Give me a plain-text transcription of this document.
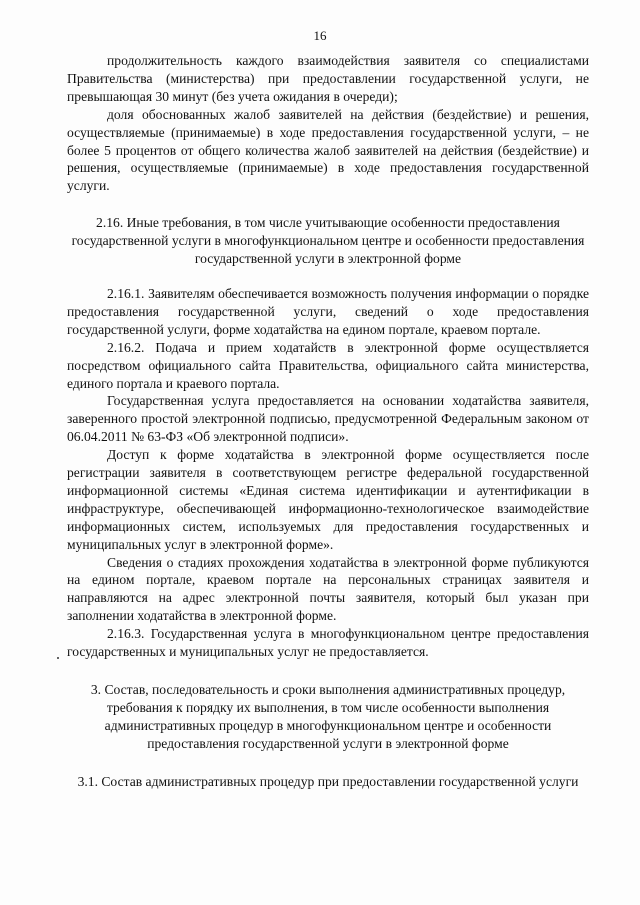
16

продолжительность каждого взаимодействия заявителя со специалистами Правительства (министерства) при предоставлении государственной услуги, не превышающая 30 минут (без учета ожидания в очереди);

доля обоснованных жалоб заявителей на действия (бездействие) и решения, осуществляемые (принимаемые) в ходе предоставления государственной услуги, – не более 5 процентов от общего количества жалоб заявителей на действия (бездействие) и решения, осуществляемые (принимаемые) в ходе предоставления государственной услуги.

2.16. Иные требования, в том числе учитывающие особенности предоставления государственной услуги в многофункциональном центре и особенности предоставления государственной услуги в электронной форме

2.16.1. Заявителям обеспечивается возможность получения информации о порядке предоставления государственной услуги, сведений о ходе предоставления государственной услуги, форме ходатайства на едином портале, краевом портале.

2.16.2. Подача и прием ходатайств в электронной форме осуществляется посредством официального сайта Правительства, официального сайта министерства, единого портала и краевого портала.

Государственная услуга предоставляется на основании ходатайства заявителя, заверенного простой электронной подписью, предусмотренной Федеральным законом от 06.04.2011 № 63-ФЗ «Об электронной подписи».

Доступ к форме ходатайства в электронной форме осуществляется после регистрации заявителя в соответствующем регистре федеральной государственной информационной системы «Единая система идентификации и аутентификации в инфраструктуре, обеспечивающей информационно-технологическое взаимодействие информационных систем, используемых для предоставления государственных и муниципальных услуг в электронной форме».

Сведения о стадиях прохождения ходатайства в электронной форме публикуются на едином портале, краевом портале на персональных страницах заявителя и направляются на адрес электронной почты заявителя, который был указан при заполнении ходатайства в электронной форме.

2.16.3. Государственная услуга в многофункциональном центре предоставления государственных и муниципальных услуг не предоставляется.

3. Состав, последовательность и сроки выполнения административных процедур, требования к порядку их выполнения, в том числе особенности выполнения административных процедур в многофункциональном центре и особенности предоставления государственной услуги в электронной форме

3.1. Состав административных процедур при предоставлении государственной услуги
